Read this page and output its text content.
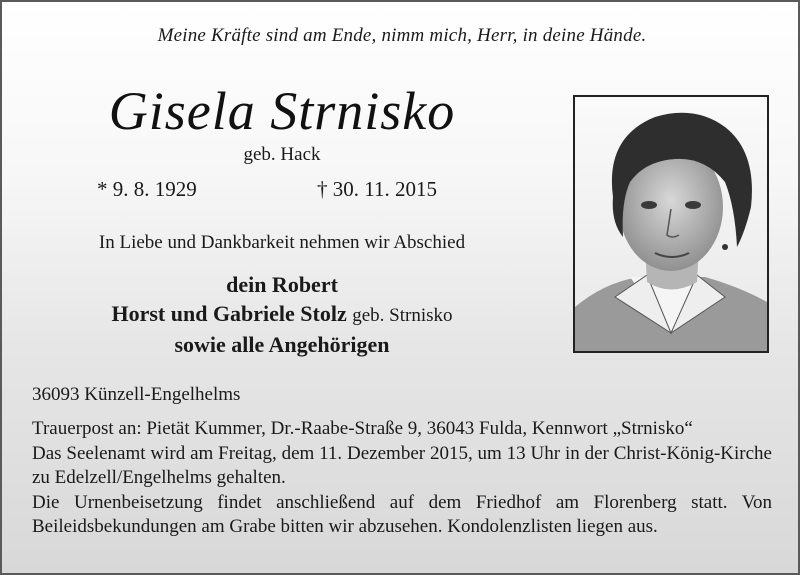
Meine Kräfte sind am Ende, nimm mich, Herr, in deine Hände.
Gisela Strnisko
geb. Hack
* 9. 8. 1929	† 30. 11. 2015
In Liebe und Dankbarkeit nehmen wir Abschied
dein Robert
Horst und Gabriele Stolz geb. Strnisko
sowie alle Angehörigen
36093 Künzell-Engelhelms

Trauerpost an: Pietät Kummer, Dr.-Raabe-Straße 9, 36043 Fulda, Kennwort „Strnisko“

Das Seelenamt wird am Freitag, dem 11. Dezember 2015, um 13 Uhr in der Christ-König-Kirche zu Edelzell/Engelhelms gehalten.

Die Urnenbeisetzung findet anschließend auf dem Friedhof am Florenberg statt. Von Beileidsbekundungen am Grabe bitten wir abzusehen. Kondolenzlisten liegen aus.
